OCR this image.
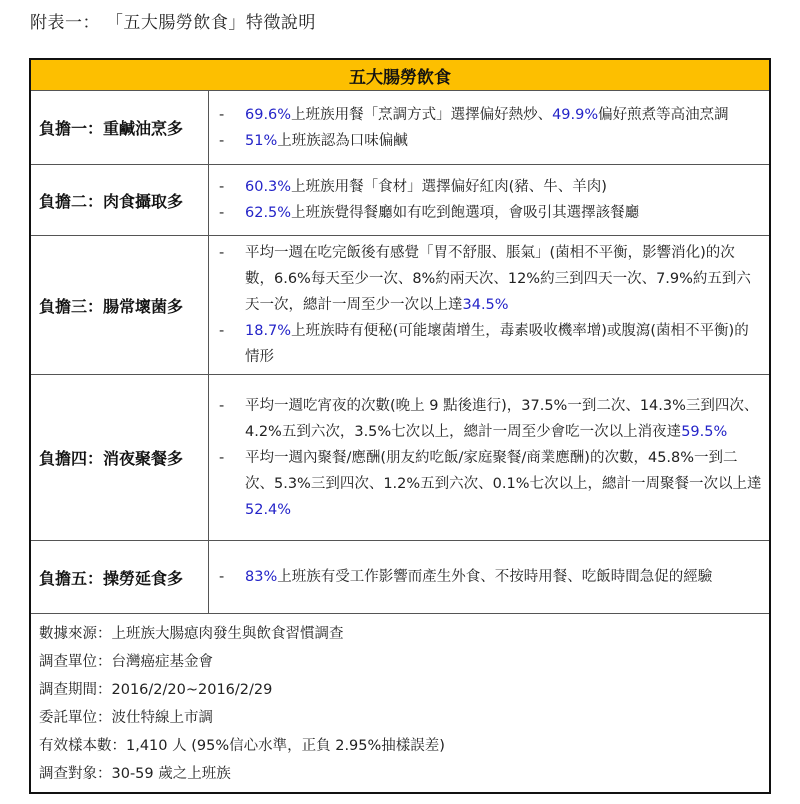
附表一： 「五大腸勞飲食」特徵說明
五大腸勞飲食
負擔一：重鹹油烹多
-	69.6%上班族用餐「烹調方式」選擇偏好熱炒、49.9%偏好煎煮等高油烹調
-	51%上班族認為口味偏鹹
負擔二：肉食攝取多
-	60.3%上班族用餐「食材」選擇偏好紅肉(豬、牛、羊肉)
-	62.5%上班族覺得餐廳如有吃到飽選項，會吸引其選擇該餐廳
負擔三：腸常壞菌多
-	平均一週在吃完飯後有感覺「胃不舒服、脹氣」(菌相不平衡，影響消化)的次數，6.6%每天至少一次、8%約兩天次、12%約三到四天一次、7.9%約五到六天一次，總計一周至少一次以上達34.5%
-	18.7%上班族時有便秘(可能壞菌增生，毒素吸收機率增)或腹瀉(菌相不平衡)的情形
負擔四：消夜聚餐多
-	平均一週吃宵夜的次數(晚上 9 點後進行)，37.5%一到二次、14.3%三到四次、4.2%五到六次，3.5%七次以上，總計一周至少會吃一次以上消夜達59.5%
-	平均一週內聚餐/應酬(朋友約吃飯/家庭聚餐/商業應酬)的次數，45.8%一到二次、5.3%三到四次、1.2%五到六次、0.1%七次以上，總計一周聚餐一次以上達 52.4%
負擔五：操勞延食多	-	83%上班族有受工作影響而產生外食、不按時用餐、吃飯時間急促的經驗
數據來源：上班族大腸瘜肉發生與飲食習慣調查
調查單位：台灣癌症基金會
調查期間：2016/2/20~2016/2/29
委託單位：波仕特線上市調
有效樣本數：1,410 人 (95%信心水準，正負 2.95%抽樣誤差)
調查對象：30-59 歲之上班族
